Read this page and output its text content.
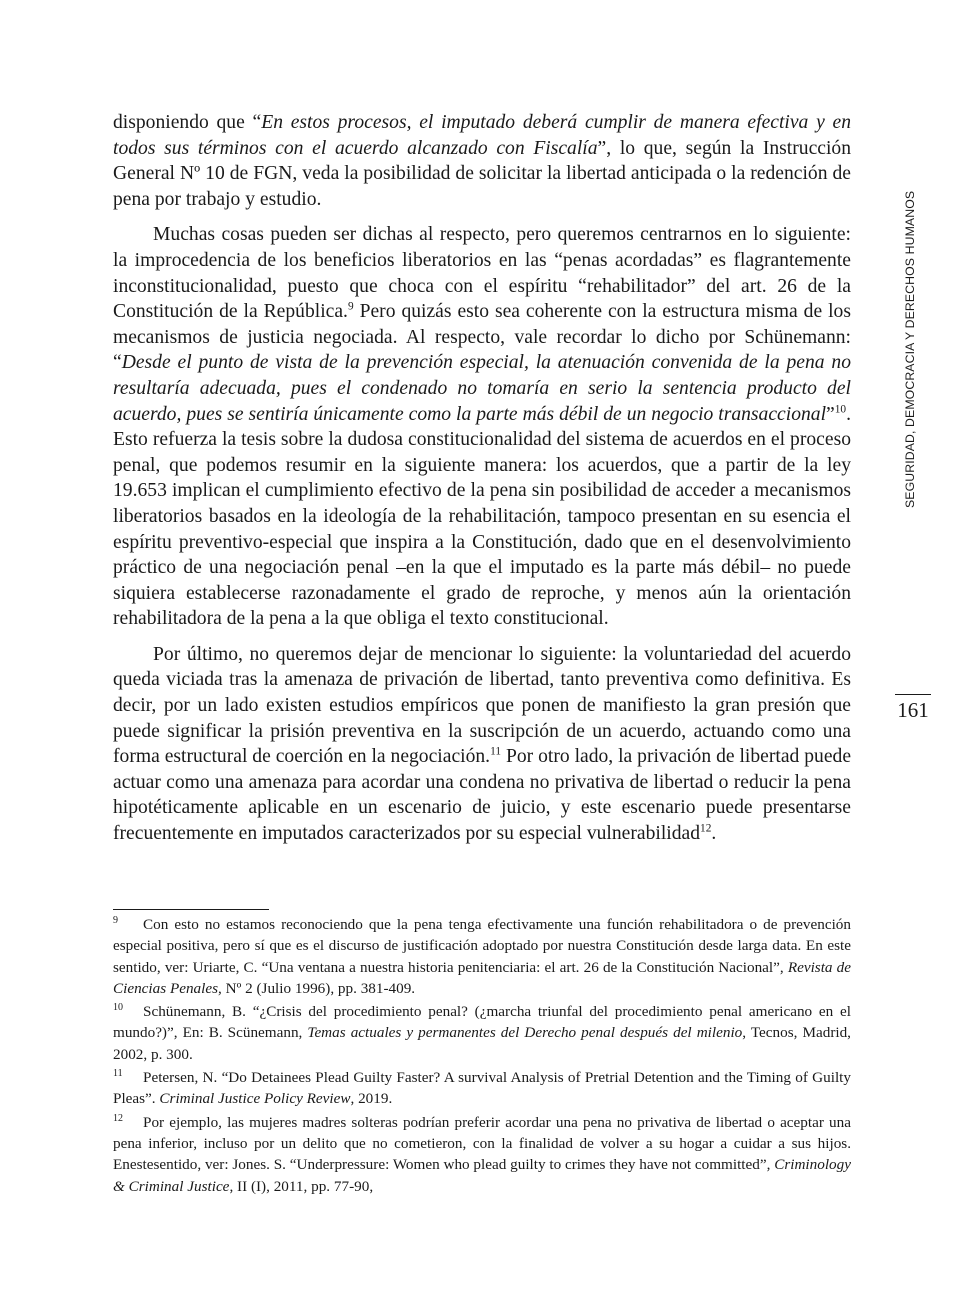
SEGURIDAD, DEMOCRACIA Y DERECHOS HUMANOS
161

disponiendo que “En estos procesos, el imputado deberá cumplir de manera efectiva y en todos sus términos con el acuerdo alcanzado con Fiscalía”, lo que, según la Instrucción General Nº 10 de FGN, veda la posibilidad de solicitar la libertad anticipada o la redención de pena por trabajo y estudio.

Muchas cosas pueden ser dichas al respecto, pero queremos centrarnos en lo siguiente: la improcedencia de los beneficios liberatorios en las “penas acordadas” es flagrantemente inconstitucionalidad, puesto que choca con el espíritu “rehabilitador” del art. 26 de la Constitución de la República.$^9$ Pero quizás esto sea coherente con la estructura misma de los mecanismos de justicia negociada. Al respecto, vale recordar lo dicho por Schünemann: “Desde el punto de vista de la prevención especial, la atenuación convenida de la pena no resultaría adecuada, pues el condenado no tomaría en serio la sentencia producto del acuerdo, pues se sentiría únicamente como la parte más débil de un negocio transaccional”$^{10}$. Esto refuerza la tesis sobre la dudosa constitucionalidad del sistema de acuerdos en el proceso penal, que podemos resumir en la siguiente manera: los acuerdos, que a partir de la ley 19.653 implican el cumplimiento efectivo de la pena sin posibilidad de acceder a mecanismos liberatorios basados en la ideología de la rehabilitación, tampoco presentan en su esencia el espíritu preventivo-especial que inspira a la Constitución, dado que en el desenvolvimiento práctico de una negociación penal –en la que el imputado es la parte más débil– no puede siquiera establecerse razonadamente el grado de reproche, y menos aún la orientación rehabilitadora de la pena a la que obliga el texto constitucional.

Por último, no queremos dejar de mencionar lo siguiente: la voluntariedad del acuerdo queda viciada tras la amenaza de privación de libertad, tanto preventiva como definitiva. Es decir, por un lado existen estudios empíricos que ponen de manifiesto la gran presión que puede significar la prisión preventiva en la suscripción de un acuerdo, actuando como una forma estructural de coerción en la negociación.$^{11}$ Por otro lado, la privación de libertad puede actuar como una amenaza para acordar una condena no privativa de libertad o reducir la pena hipotéticamente aplicable en un escenario de juicio, y este escenario puede presentarse frecuentemente en imputados caracterizados por su especial vulnerabilidad$^{12}$.

9 Con esto no estamos reconociendo que la pena tenga efectivamente una función rehabilitadora o de prevención especial positiva, pero sí que es el discurso de justificación adoptado por nuestra Constitución desde larga data. En este sentido, ver: Uriarte, C. “Una ventana a nuestra historia penitenciaria: el art. 26 de la Constitución Nacional”, Revista de Ciencias Penales, Nº 2 (Julio 1996), pp. 381-409.

10 Schünemann, B. “¿Crisis del procedimiento penal? (¿marcha triunfal del procedimiento penal americano en el mundo?)”, En: B. Scünemann, Temas actuales y permanentes del Derecho penal después del milenio, Tecnos, Madrid, 2002, p. 300.

11 Petersen, N. “Do Detainees Plead Guilty Faster? A survival Analysis of Pretrial Detention and the Timing of Guilty Pleas”. Criminal Justice Policy Review, 2019.

12 Por ejemplo, las mujeres madres solteras podrían preferir acordar una pena no privativa de libertad o aceptar una pena inferior, incluso por un delito que no cometieron, con la finalidad de volver a su hogar a cuidar a sus hijos. Enestesentido, ver: Jones. S. “Underpressure: Women who plead guilty to crimes they have not committed”, Criminology & Criminal Justice, II (I), 2011, pp. 77-90,
